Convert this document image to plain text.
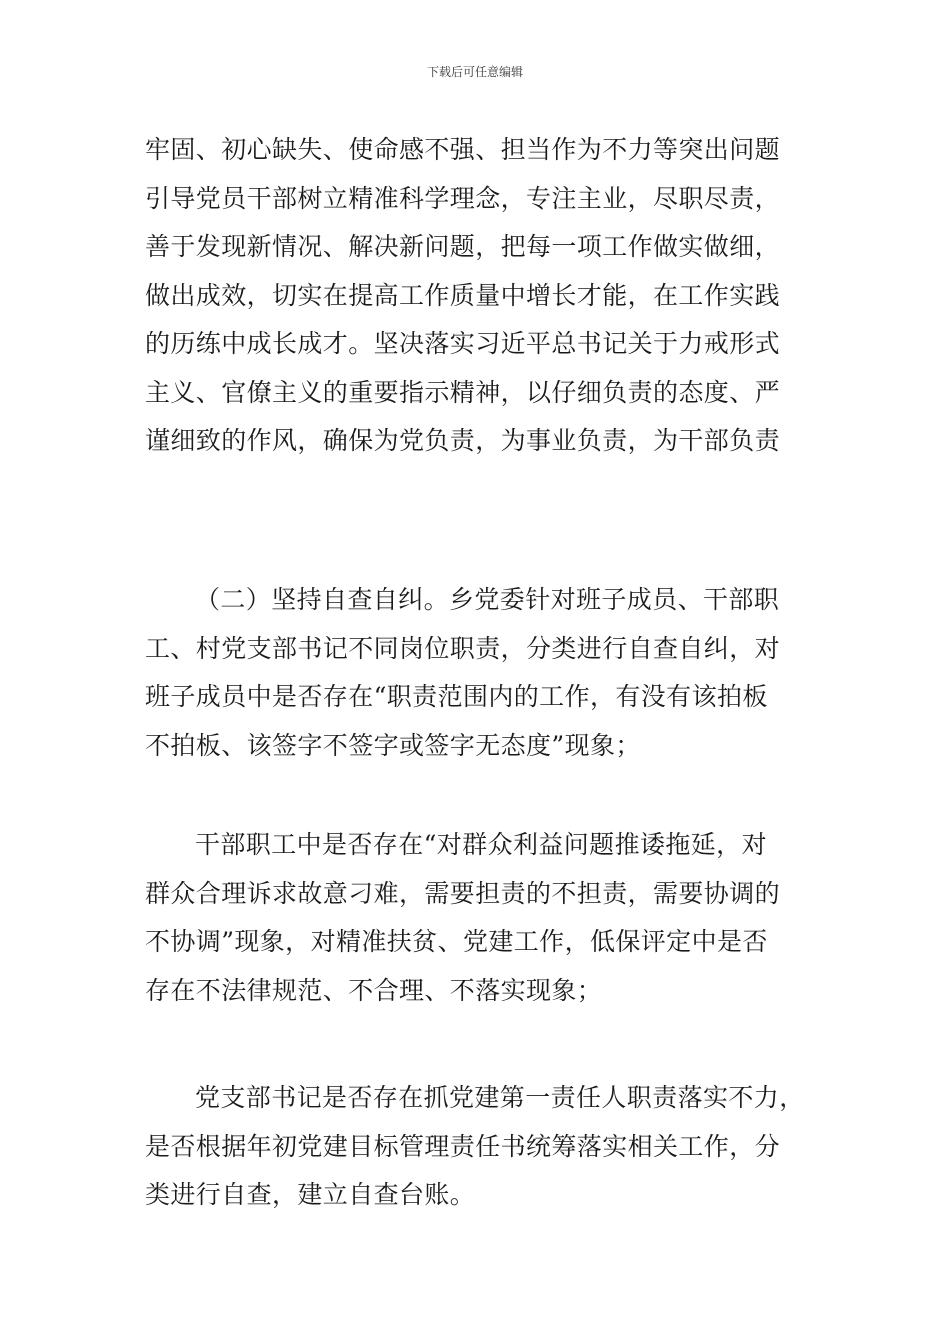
下载后可任意编辑
牢固、初心缺失、使命感不强、担当作为不力等突出问题
引导党员干部树立精准科学理念，专注主业，尽职尽责，
善于发现新情况、解决新问题，把每一项工作做实做细，
做出成效，切实在提高工作质量中增长才能，在工作实践
的历练中成长成才。坚决落实习近平总书记关于力戒形式
主义、官僚主义的重要指示精神，以仔细负责的态度、严
谨细致的作风，确保为党负责，为事业负责，为干部负责
（二）坚持自查自纠。乡党委针对班子成员、干部职
工、村党支部书记不同岗位职责，分类进行自查自纠，对
班子成员中是否存在“职责范围内的工作，有没有该拍板
不拍板、该签字不签字或签字无态度”现象；
干部职工中是否存在“对群众利益问题推诿拖延，对
群众合理诉求故意刁难，需要担责的不担责，需要协调的
不协调”现象，对精准扶贫、党建工作，低保评定中是否
存在不法律规范、不合理、不落实现象；
党支部书记是否存在抓党建第一责任人职责落实不力，
是否根据年初党建目标管理责任书统筹落实相关工作，分
类进行自查，建立自查台账。
